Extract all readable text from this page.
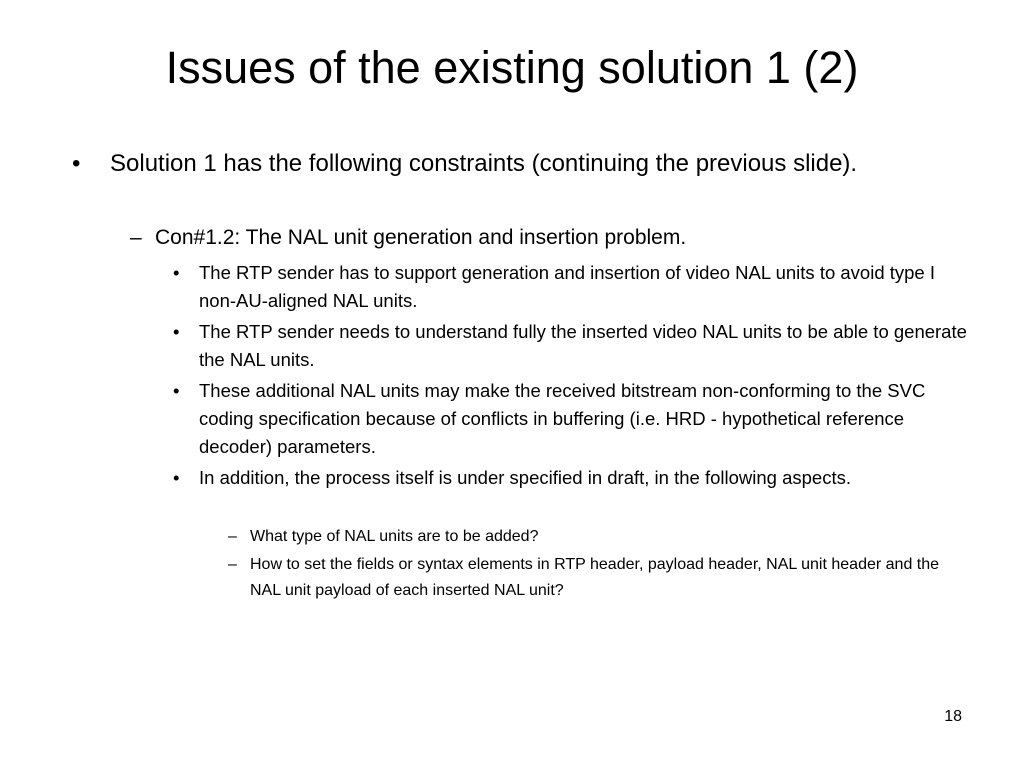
Issues of the existing solution 1 (2)
• Solution 1 has the following constraints (continuing the previous slide).
– Con#1.2: The NAL unit generation and insertion problem.
• The RTP sender has to support generation and insertion of video NAL units to avoid type I non-AU-aligned NAL units.
• The RTP sender needs to understand fully the inserted video NAL units to be able to generate the NAL units.
• These additional NAL units may make the received bitstream non-conforming to the SVC coding specification because of conflicts in buffering (i.e. HRD - hypothetical reference decoder) parameters.
• In addition, the process itself is under specified in draft, in the following aspects.
– What type of NAL units are to be added?
– How to set the fields or syntax elements in RTP header, payload header, NAL unit header and the NAL unit payload of each inserted NAL unit?
18
